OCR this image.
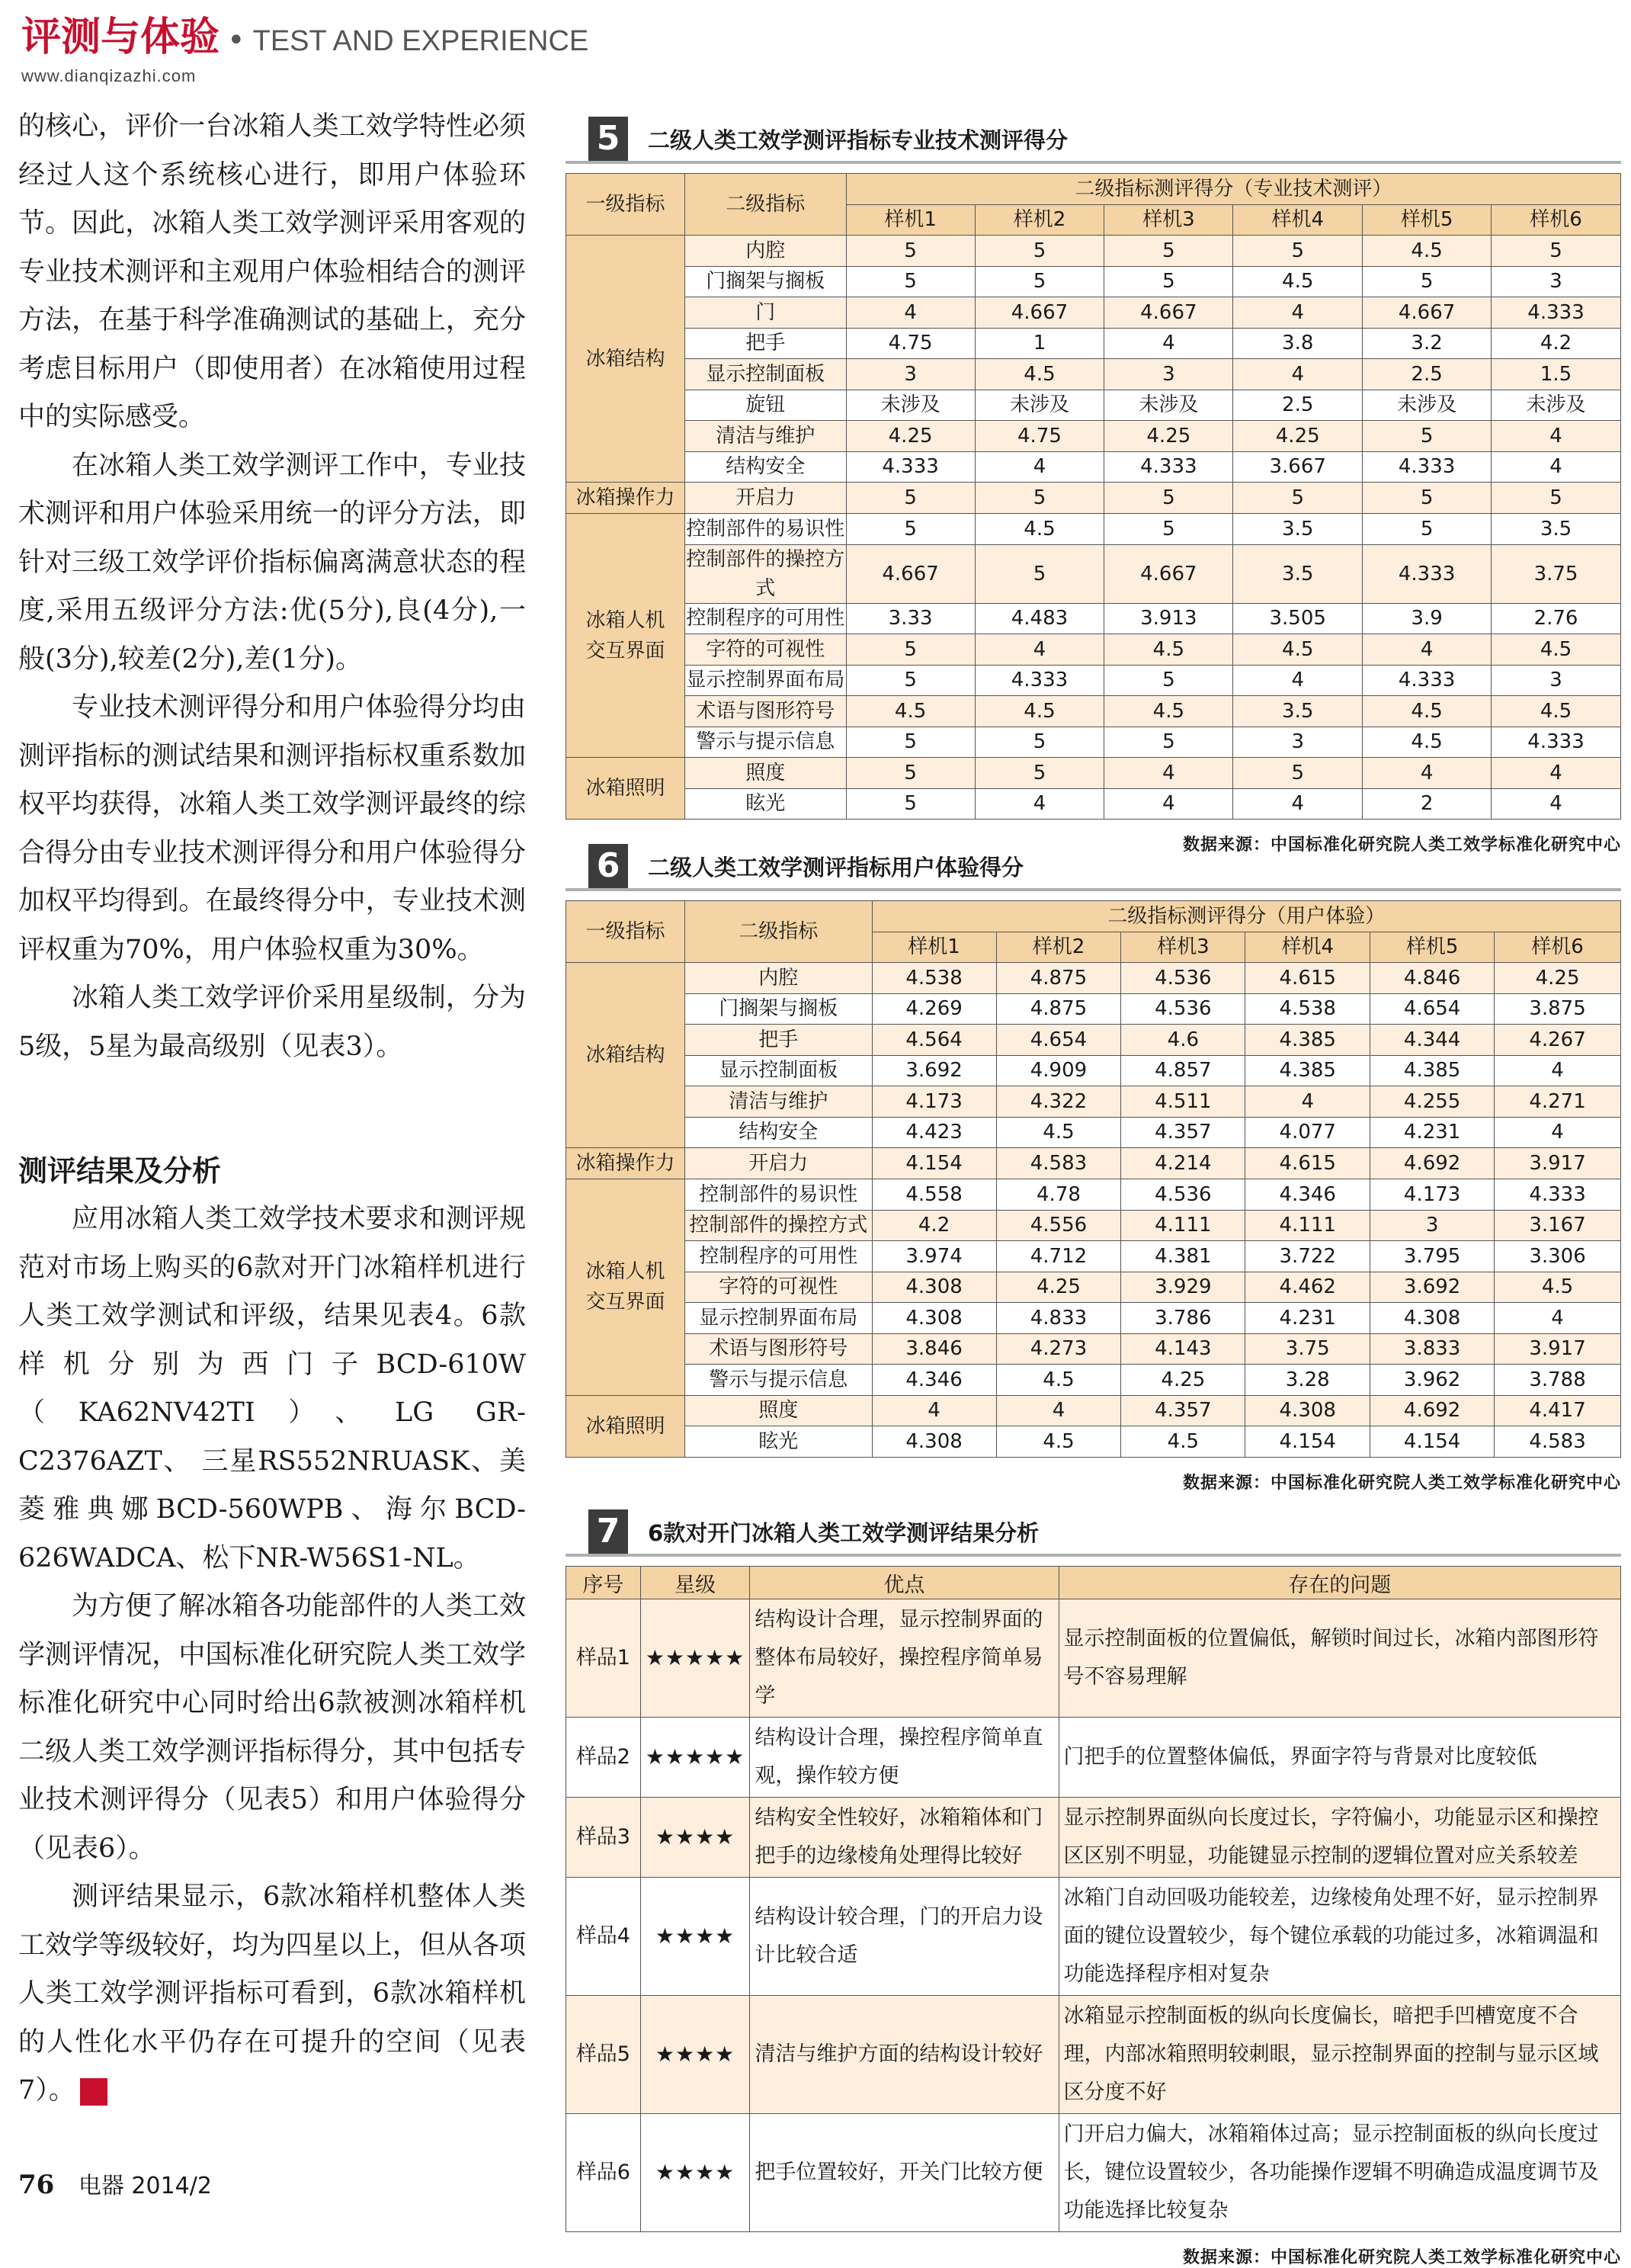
评测与体验 • TEST AND EXPERIENCE
www.dianqizazhi.com

的核心，评价一台冰箱人类工效学特性必须经过人这个系统核心进行，即用户体验环节。因此，冰箱人类工效学测评采用客观的专业技术测评和主观用户体验相结合的测评方法，在基于科学准确测试的基础上，充分考虑目标用户（即使用者）在冰箱使用过程中的实际感受。

在冰箱人类工效学测评工作中，专业技术测评和用户体验采用统一的评分方法，即针对三级工效学评价指标偏离满意状态的程度,采用五级评分方法:优(5分),良(4分),一般(3分),较差(2分),差(1分)。

专业技术测评得分和用户体验得分均由测评指标的测试结果和测评指标权重系数加权平均获得，冰箱人类工效学测评最终的综合得分由专业技术测评得分和用户体验得分加权平均得到。在最终得分中，专业技术测评权重为70%，用户体验权重为30%。

冰箱人类工效学评价采用星级制，分为5级，5星为最高级别（见表3）。

测评结果及分析

应用冰箱人类工效学技术要求和测评规范对市场上购买的6款对开门冰箱样机进行人类工效学测试和评级，结果见表4。6款样机分别为西门子BCD-610W（KA62NV42TI）、LG GR-C2376AZT、 三星RS552NRUASK、美菱雅典娜BCD-560WPB、海尔BCD-626WADCA、松下NR-W56S1-NL。

为方便了解冰箱各功能部件的人类工效学测评情况，中国标准化研究院人类工效学标准化研究中心同时给出6款被测冰箱样机二级人类工效学测评指标得分，其中包括专业技术测评得分（见表5）和用户体验得分（见表6）。

测评结果显示，6款冰箱样机整体人类工效学等级较好，均为四星以上，但从各项人类工效学测评指标可看到，6款冰箱样机的人性化水平仍存在可提升的空间（见表7）。	电器

5	二级人类工效学测评指标专业技术测评得分
一级指标	二级指标	二级指标测评得分（专业技术测评）					
		样机1	样机2	样机3	样机4	样机5	样机6
冰箱结构	内腔	5	5	5	5	4.5	5
	门搁架与搁板	5	5	5	4.5	5	3
	门	4	4.667	4.667	4	4.667	4.333
	把手	4.75	1	4	3.8	3.2	4.2
	显示控制面板	3	4.5	3	4	2.5	1.5
	旋钮	未涉及	未涉及	未涉及	2.5	未涉及	未涉及
	清洁与维护	4.25	4.75	4.25	4.25	5	4
	结构安全	4.333	4	4.333	3.667	4.333	4
冰箱操作力	开启力	5	5	5	5	5	5
冰箱人机交互界面	控制部件的易识性	5	4.5	5	3.5	5	3.5
	控制部件的操控方式	4.667	5	4.667	3.5	4.333	3.75
	控制程序的可用性	3.33	4.483	3.913	3.505	3.9	2.76
	字符的可视性	5	4	4.5	4.5	4	4.5
	显示控制界面布局	5	4.333	5	4	4.333	3
	术语与图形符号	4.5	4.5	4.5	3.5	4.5	4.5
	警示与提示信息	5	5	5	3	4.5	4.333
冰箱照明	照度	5	5	4	5	4	4
	眩光	5	4	4	4	2	4
数据来源：中国标准化研究院人类工效学标准化研究中心
6	二级人类工效学测评指标用户体验得分
一级指标	二级指标	二级指标测评得分（用户体验）					
		样机1	样机2	样机3	样机4	样机5	样机6
冰箱结构	内腔	4.538	4.875	4.536	4.615	4.846	4.25
	门搁架与搁板	4.269	4.875	4.536	4.538	4.654	3.875
	把手	4.564	4.654	4.6	4.385	4.344	4.267
	显示控制面板	3.692	4.909	4.857	4.385	4.385	4
	清洁与维护	4.173	4.322	4.511	4	4.255	4.271
	结构安全	4.423	4.5	4.357	4.077	4.231	4
冰箱操作力	开启力	4.154	4.583	4.214	4.615	4.692	3.917
冰箱人机交互界面	控制部件的易识性	4.558	4.78	4.536	4.346	4.173	4.333
	控制部件的操控方式	4.2	4.556	4.111	4.111	3	3.167
	控制程序的可用性	3.974	4.712	4.381	3.722	3.795	3.306
	字符的可视性	4.308	4.25	3.929	4.462	3.692	4.5
	显示控制界面布局	4.308	4.833	3.786	4.231	4.308	4
	术语与图形符号	3.846	4.273	4.143	3.75	3.833	3.917
	警示与提示信息	4.346	4.5	4.25	3.28	3.962	3.788
冰箱照明	照度	4	4	4.357	4.308	4.692	4.417
	眩光	4.308	4.5	4.5	4.154	4.154	4.583
数据来源：中国标准化研究院人类工效学标准化研究中心
7	6款对开门冰箱人类工效学测评结果分析
序号	星级	优点	存在的问题
样品1	★★★★★	结构设计合理，显示控制界面的整体布局较好，操控程序简单易学	显示控制面板的位置偏低，解锁时间过长，冰箱内部图形符号不容易理解
样品2	★★★★★	结构设计合理，操控程序简单直观，操作较方便	门把手的位置整体偏低，界面字符与背景对比度较低
样品3	★★★★	结构安全性较好，冰箱箱体和门把手的边缘棱角处理得比较好	显示控制界面纵向长度过长，字符偏小，功能显示区和操控区区别不明显，功能键显示控制的逻辑位置对应关系较差
样品4	★★★★	结构设计较合理，门的开启力设计比较合适	冰箱门自动回吸功能较差，边缘棱角处理不好，显示控制界面的键位设置较少，每个键位承载的功能过多，冰箱调温和功能选择程序相对复杂
样品5	★★★★	清洁与维护方面的结构设计较好	冰箱显示控制面板的纵向长度偏长，暗把手凹槽宽度不合理，内部冰箱照明较刺眼，显示控制界面的控制与显示区域区分度不好
样品6	★★★★	把手位置较好，开关门比较方便	门开启力偏大，冰箱箱体过高；显示控制面板的纵向长度过长，键位设置较少，各功能操作逻辑不明确造成温度调节及功能选择比较复杂
数据来源：中国标准化研究院人类工效学标准化研究中心
76 电器 2014/2
